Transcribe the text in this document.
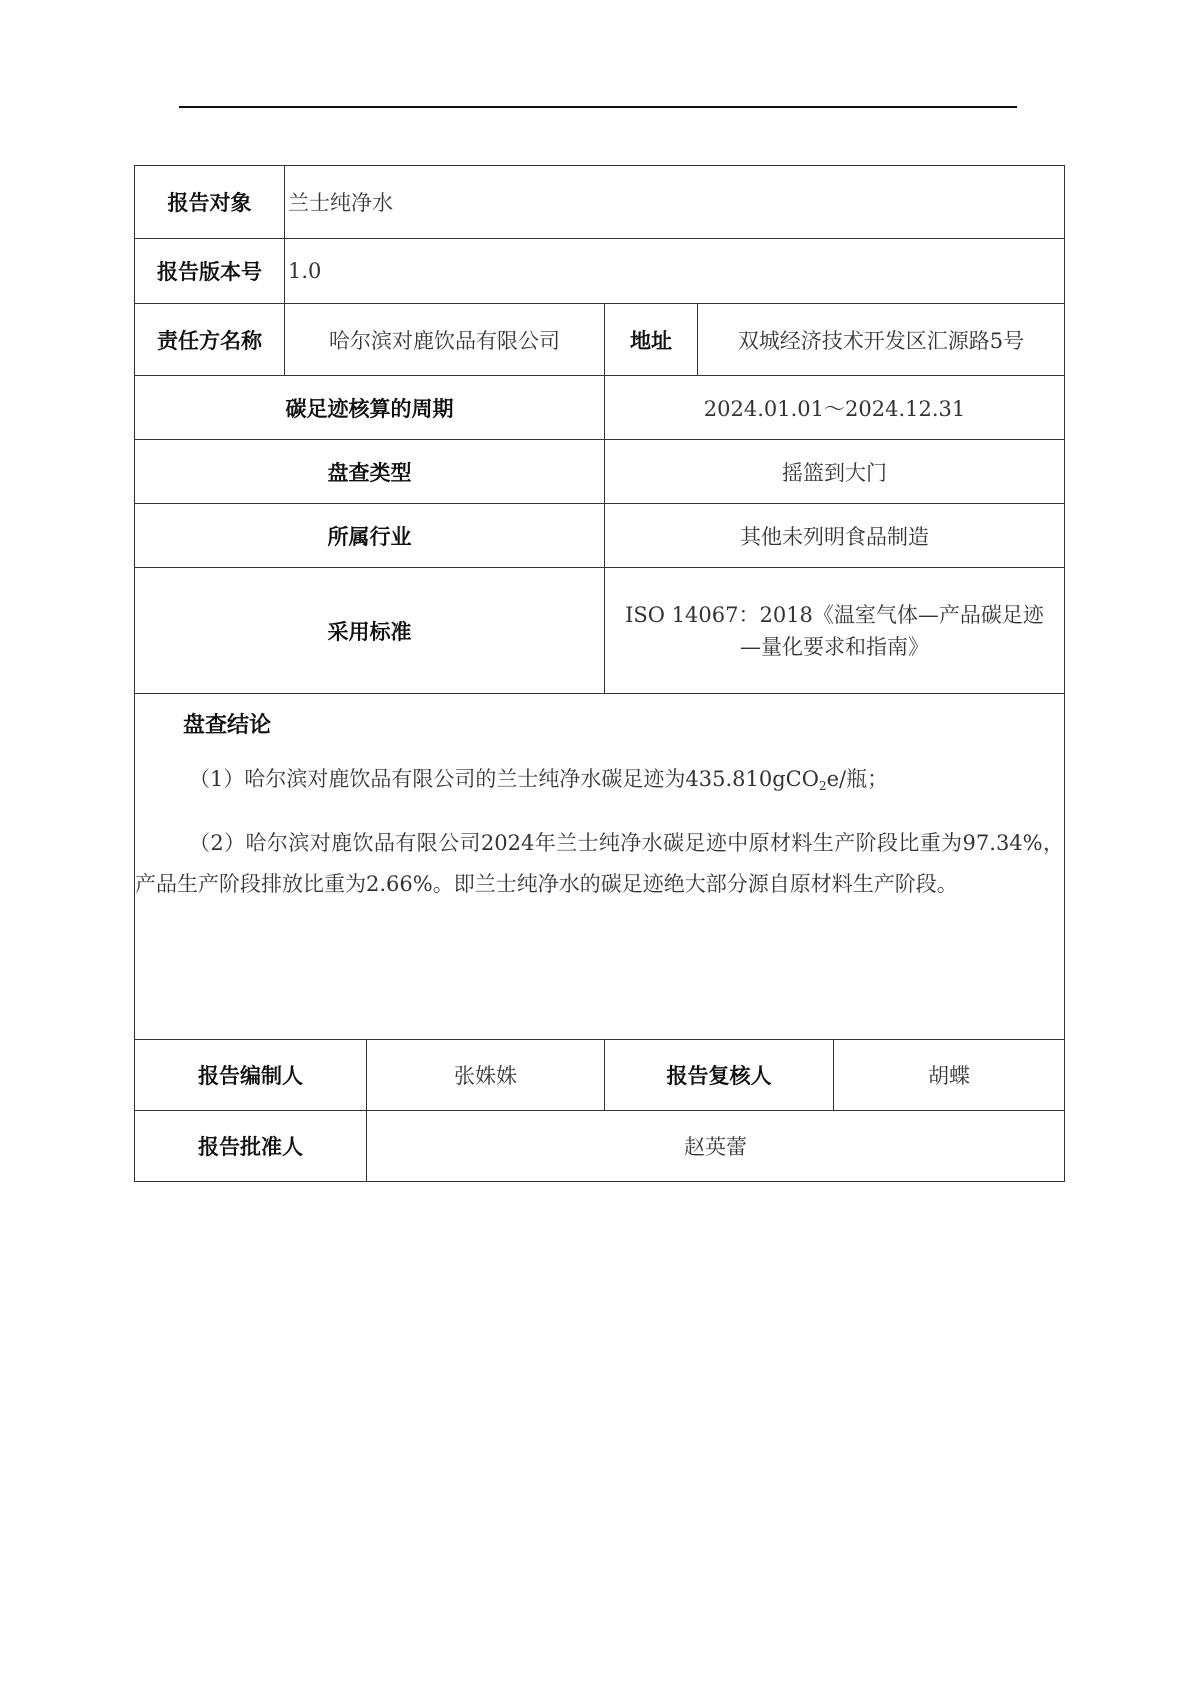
报告对象	兰士纯净水				
报告版本号	1.0				
责任方名称	哈尔滨对鹿饮品有限公司		地址	双城经济技术开发区汇源路5号	
碳足迹核算的周期			2024.01.01～2024.12.31		
盘查类型			摇篮到大门		
所属行业			其他未列明食品制造		
采用标准			ISO 14067：2018《温室气体—产品碳足迹—量化要求和指南》		

盘查结论

（1）哈尔滨对鹿饮品有限公司的兰士纯净水碳足迹为435.810gCO$_2$e/瓶；

（2）哈尔滨对鹿饮品有限公司2024年兰士纯净水碳足迹中原材料生产阶段比重为97.34%，产品生产阶段排放比重为2.66%。即兰士纯净水的碳足迹绝大部分源自原材料生产阶段。					

报告编制人		张姝姝	报告复核人		胡蝶
报告批准人		赵英蕾			
